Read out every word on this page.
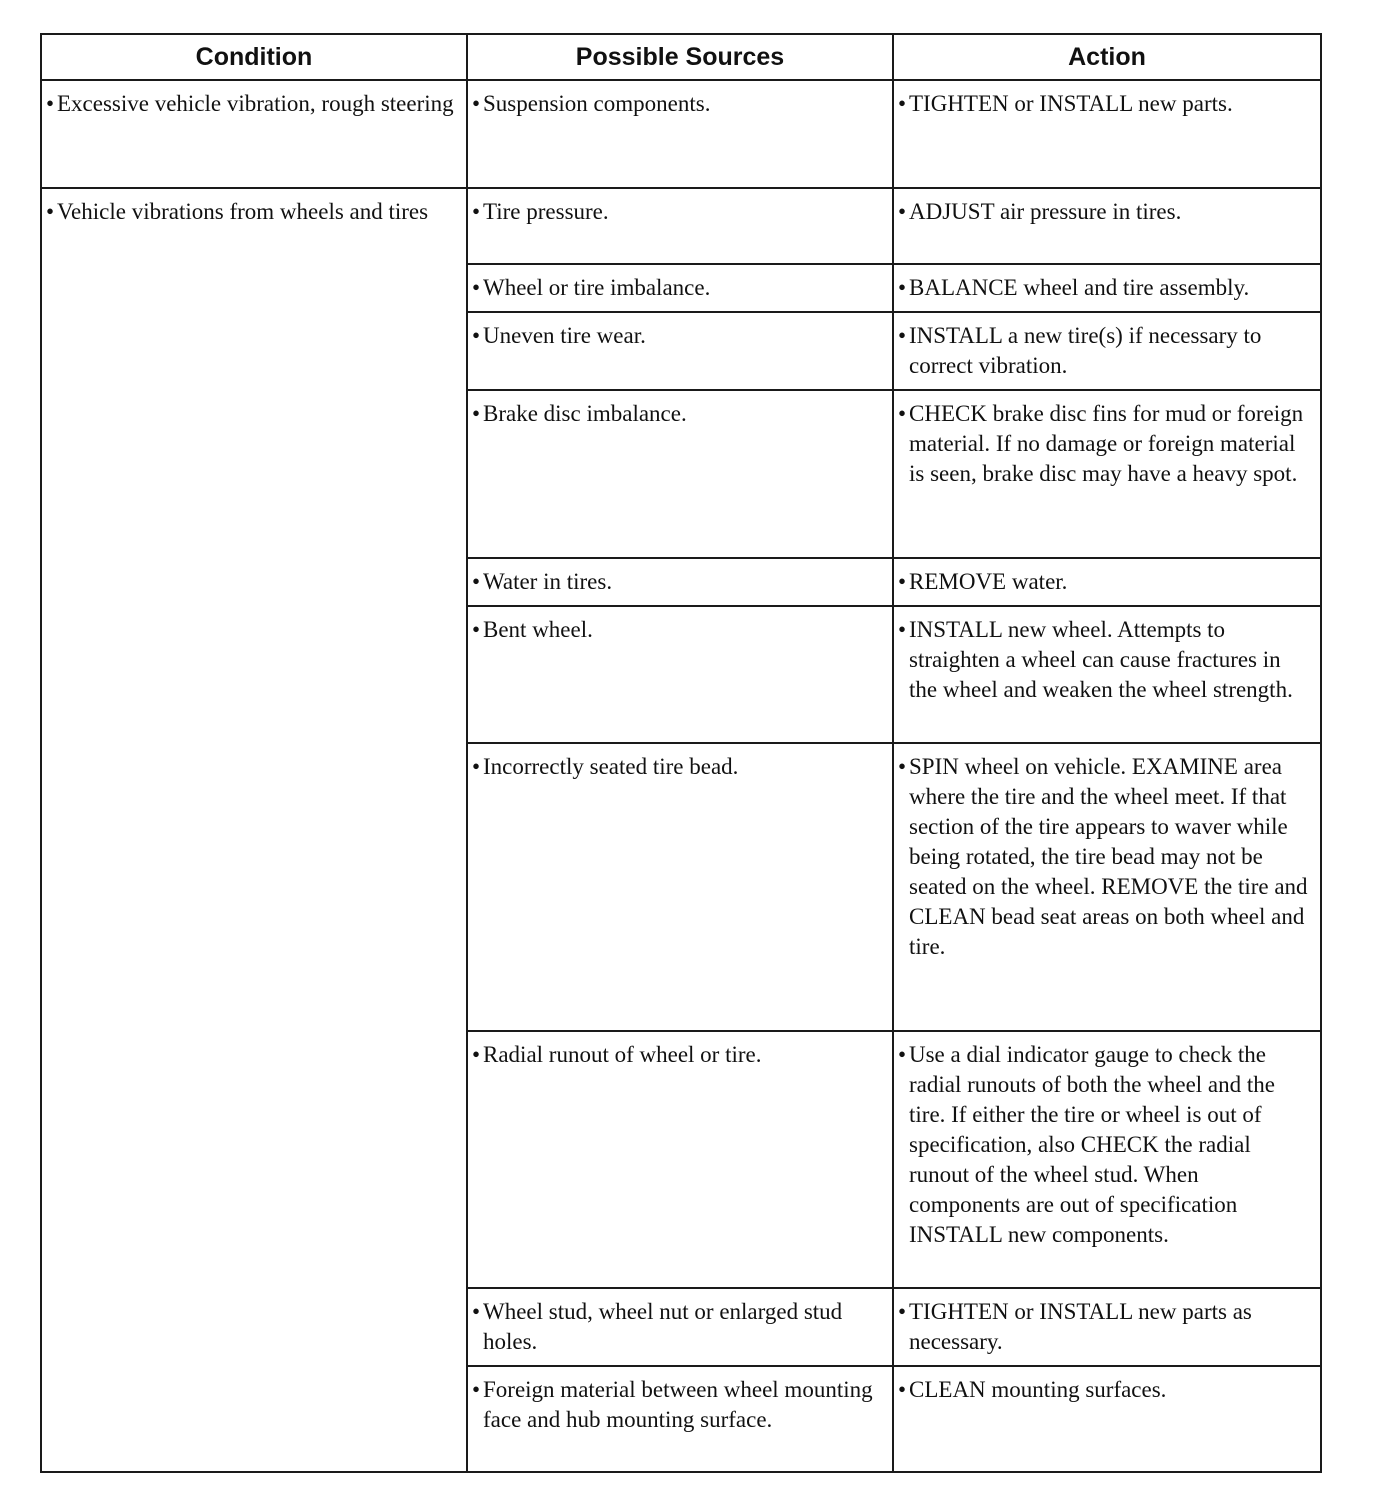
Condition	Possible Sources	Action

• Excessive vehicle vibration, rough steering	• Suspension components.	• TIGHTEN or INSTALL new parts.

• Vehicle vibrations from wheels and tires	• Tire pressure.	• ADJUST air pressure in tires.

	• Wheel or tire imbalance.	• BALANCE wheel and tire assembly.

	• Uneven tire wear.	• INSTALL a new tire(s) if necessary to correct vibration.

	• Brake disc imbalance.	• CHECK brake disc fins for mud or foreign material. If no damage or foreign material is seen, brake disc may have a heavy spot.

	• Water in tires.	• REMOVE water.

	• Bent wheel.	• INSTALL new wheel. Attempts to straighten a wheel can cause fractures in the wheel and weaken the wheel strength.

	• Incorrectly seated tire bead.	• SPIN wheel on vehicle. EXAMINE area where the tire and the wheel meet. If that section of the tire appears to waver while being rotated, the tire bead may not be seated on the wheel. REMOVE the tire and CLEAN bead seat areas on both wheel and tire.

	• Radial runout of wheel or tire.	• Use a dial indicator gauge to check the radial runouts of both the wheel and the tire. If either the tire or wheel is out of specification, also CHECK the radial runout of the wheel stud. When components are out of specification INSTALL new components.

	• Wheel stud, wheel nut or enlarged stud holes.	• TIGHTEN or INSTALL new parts as necessary.

	• Foreign material between wheel mounting face and hub mounting surface.	• CLEAN mounting surfaces.
